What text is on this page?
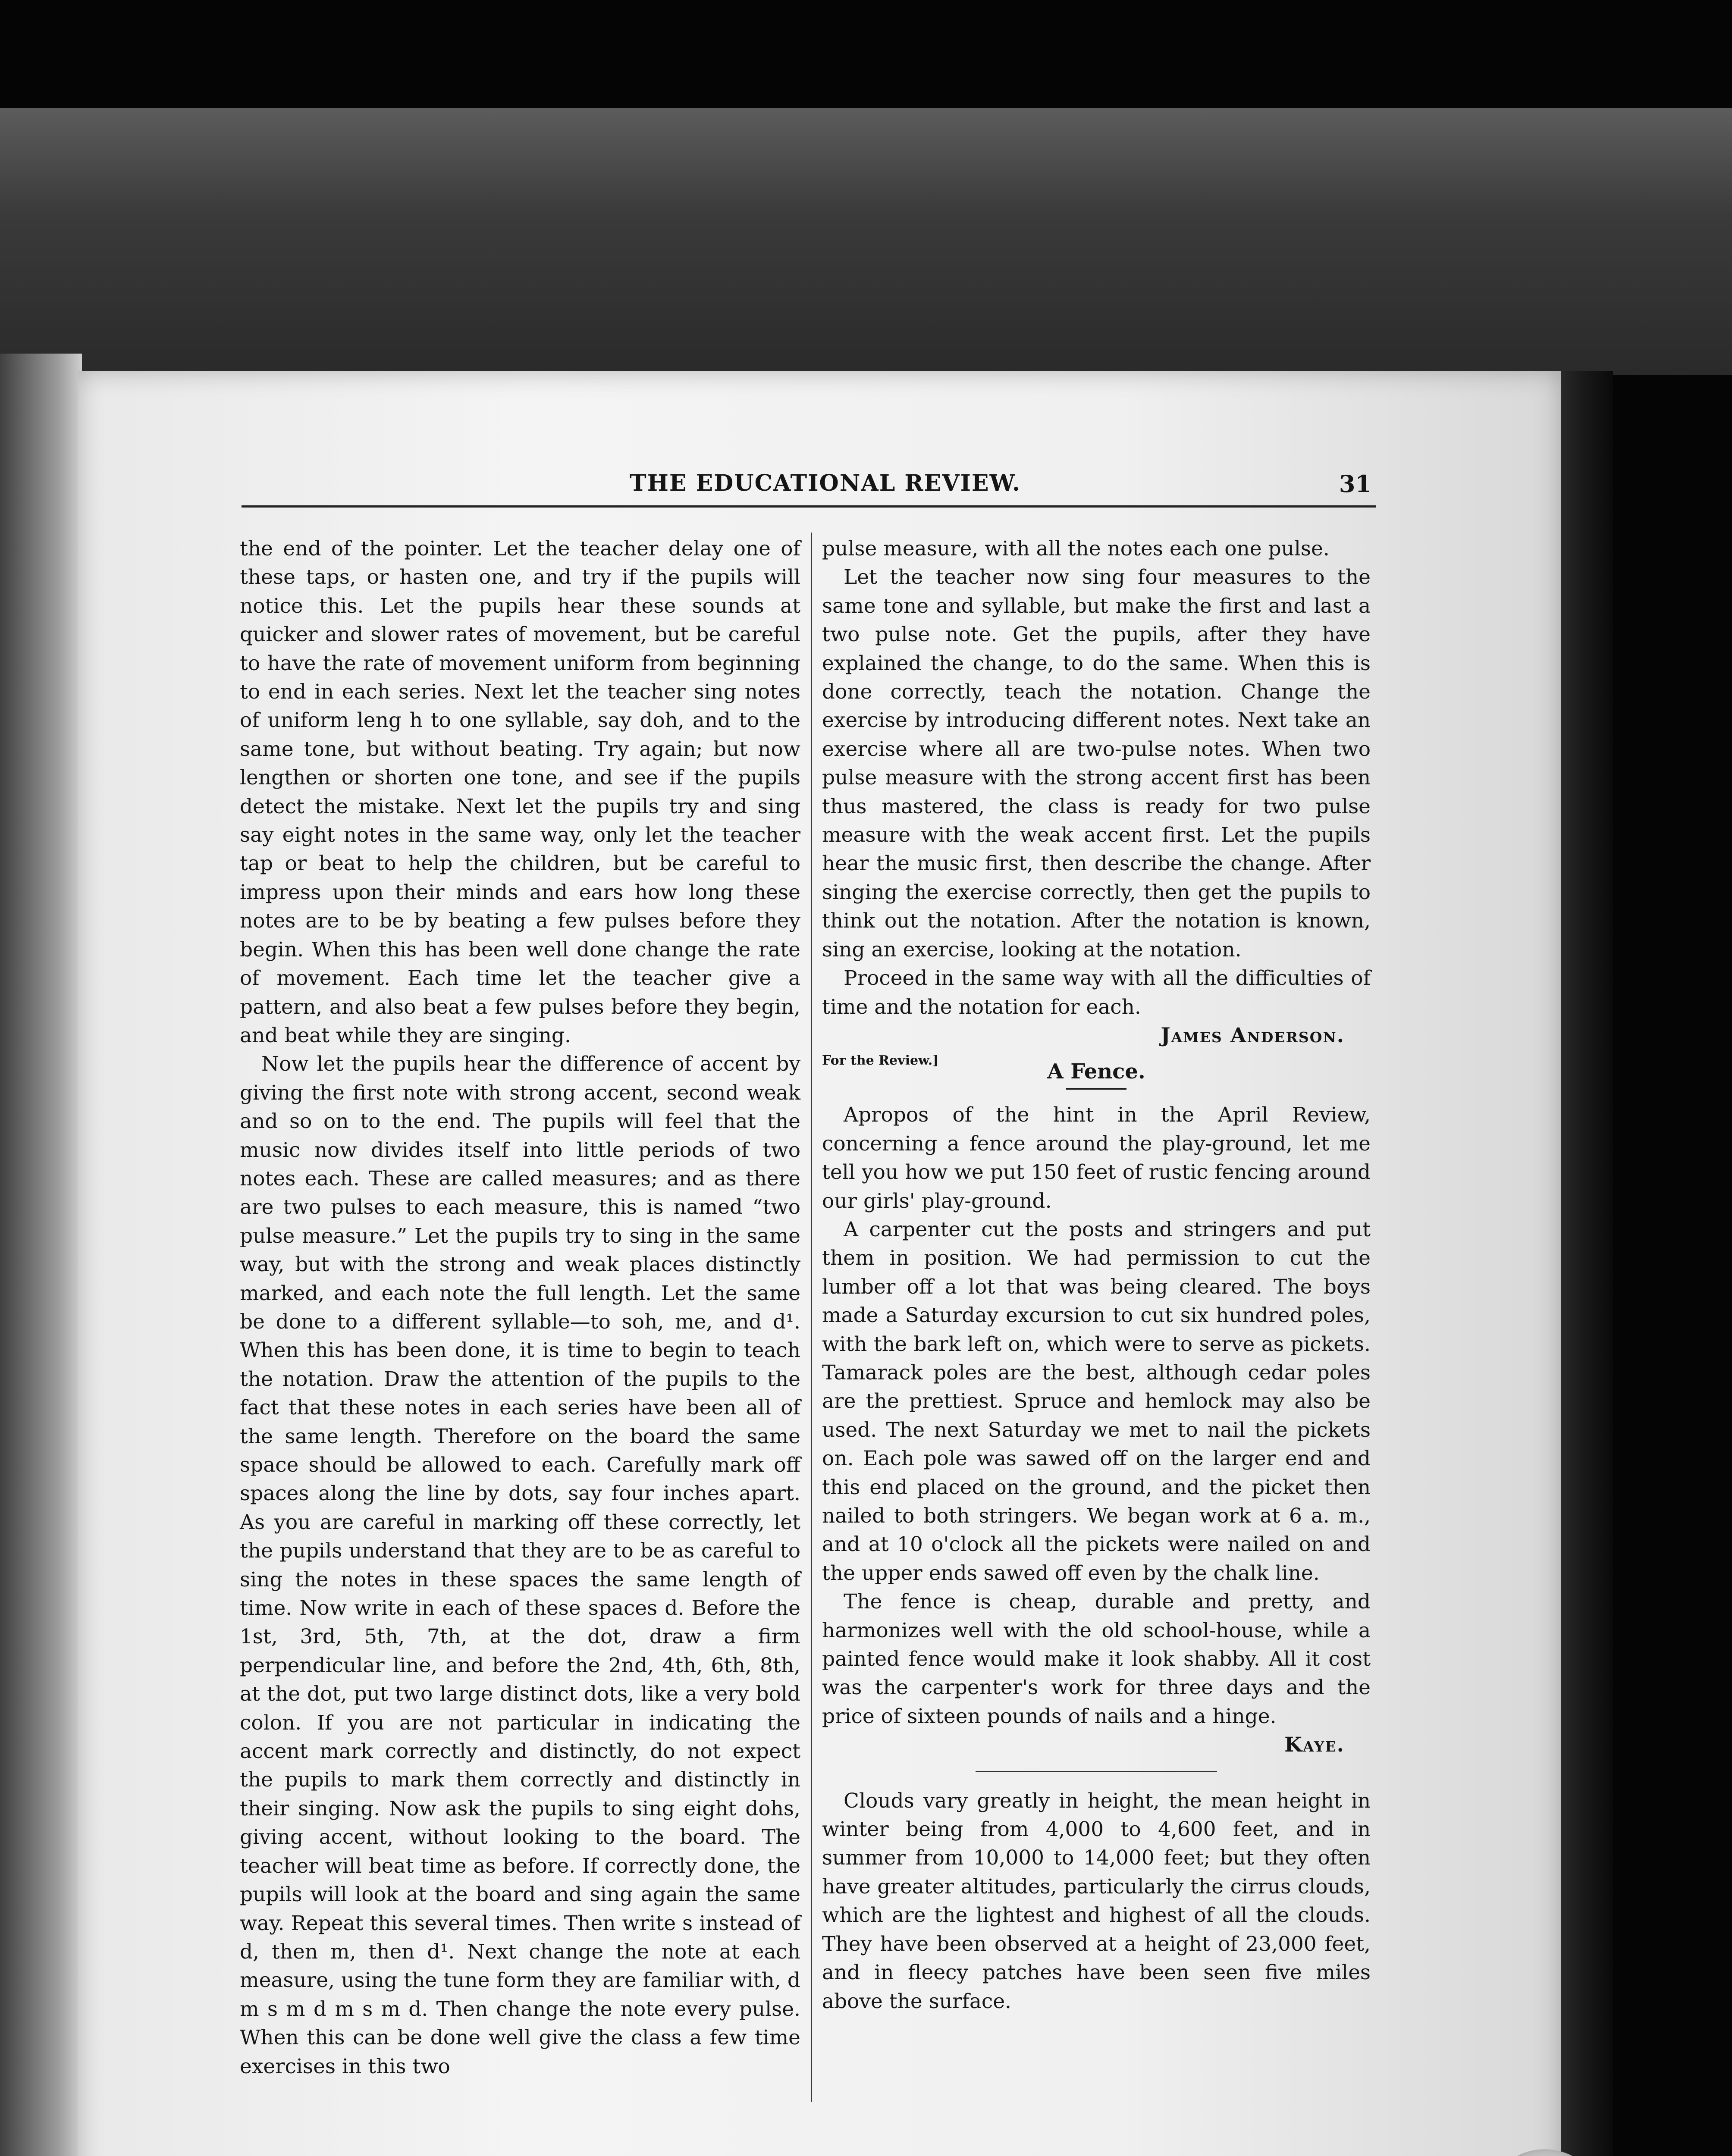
THE EDUCATIONAL REVIEW.	31

the end of the pointer. Let the teacher delay one of these taps, or hasten one, and try if the pupils will notice this. Let the pupils hear these sounds at quicker and slower rates of movement, but be careful to have the rate of movement uniform from beginning to end in each series. Next let the teacher sing notes of uniform leng h to one syllable, say doh, and to the same tone, but without beating. Try again; but now lengthen or shorten one tone, and see if the pupils detect the mistake. Next let the pupils try and sing say eight notes in the same way, only let the teacher tap or beat to help the children, but be careful to impress upon their minds and ears how long these notes are to be by beating a few pulses before they begin. When this has been well done change the rate of movement. Each time let the teacher give a pattern, and also beat a few pulses before they begin, and beat while they are singing.

Now let the pupils hear the difference of accent by giving the first note with strong accent, second weak and so on to the end. The pupils will feel that the music now divides itself into little periods of two notes each. These are called measures; and as there are two pulses to each measure, this is named “two pulse measure.” Let the pupils try to sing in the same way, but with the strong and weak places distinctly marked, and each note the full length. Let the same be done to a different syllable—to soh, me, and d¹. When this has been done, it is time to begin to teach the notation. Draw the attention of the pupils to the fact that these notes in each series have been all of the same length. Therefore on the board the same space should be allowed to each. Carefully mark off spaces along the line by dots, say four inches apart. As you are careful in marking off these correctly, let the pupils understand that they are to be as careful to sing the notes in these spaces the same length of time. Now write in each of these spaces d. Before the 1st, 3rd, 5th, 7th, at the dot, draw a firm perpendicular line, and before the 2nd, 4th, 6th, 8th, at the dot, put two large distinct dots, like a very bold colon. If you are not particular in indicating the accent mark correctly and distinctly, do not expect the pupils to mark them correctly and distinctly in their singing. Now ask the pupils to sing eight dohs, giving accent, without looking to the board. The teacher will beat time as before. If correctly done, the pupils will look at the board and sing again the same way. Repeat this several times. Then write s instead of d, then m, then d¹. Next change the note at each measure, using the tune form they are familiar with, d m s m d m s m d. Then change the note every pulse. When this can be done well give the class a few time exercises in this two

pulse measure, with all the notes each one pulse.

Let the teacher now sing four measures to the same tone and syllable, but make the first and last a two pulse note. Get the pupils, after they have explained the change, to do the same. When this is done correctly, teach the notation. Change the exercise by introducing different notes. Next take an exercise where all are two-pulse notes. When two pulse measure with the strong accent first has been thus mastered, the class is ready for two pulse measure with the weak accent first. Let the pupils hear the music first, then describe the change. After singing the exercise correctly, then get the pupils to think out the notation. After the notation is known, sing an exercise, looking at the notation.

Proceed in the same way with all the difficulties of time and the notation for each.

James Anderson.

For the Review.]	A Fence.

Apropos of the hint in the April Review, concerning a fence around the play-ground, let me tell you how we put 150 feet of rustic fencing around our girls' play-ground.

A carpenter cut the posts and stringers and put them in position. We had permission to cut the lumber off a lot that was being cleared. The boys made a Saturday excursion to cut six hundred poles, with the bark left on, which were to serve as pickets. Tamarack poles are the best, although cedar poles are the prettiest. Spruce and hemlock may also be used. The next Saturday we met to nail the pickets on. Each pole was sawed off on the larger end and this end placed on the ground, and the picket then nailed to both stringers. We began work at 6 a. m., and at 10 o'clock all the pickets were nailed on and the upper ends sawed off even by the chalk line.

The fence is cheap, durable and pretty, and harmonizes well with the old school-house, while a painted fence would make it look shabby. All it cost was the carpenter's work for three days and the price of sixteen pounds of nails and a hinge.

Kaye.

Clouds vary greatly in height, the mean height in winter being from 4,000 to 4,600 feet, and in summer from 10,000 to 14,000 feet; but they often have greater altitudes, particularly the cirrus clouds, which are the lightest and highest of all the clouds. They have been observed at a height of 23,000 feet, and in fleecy patches have been seen five miles above the surface.
